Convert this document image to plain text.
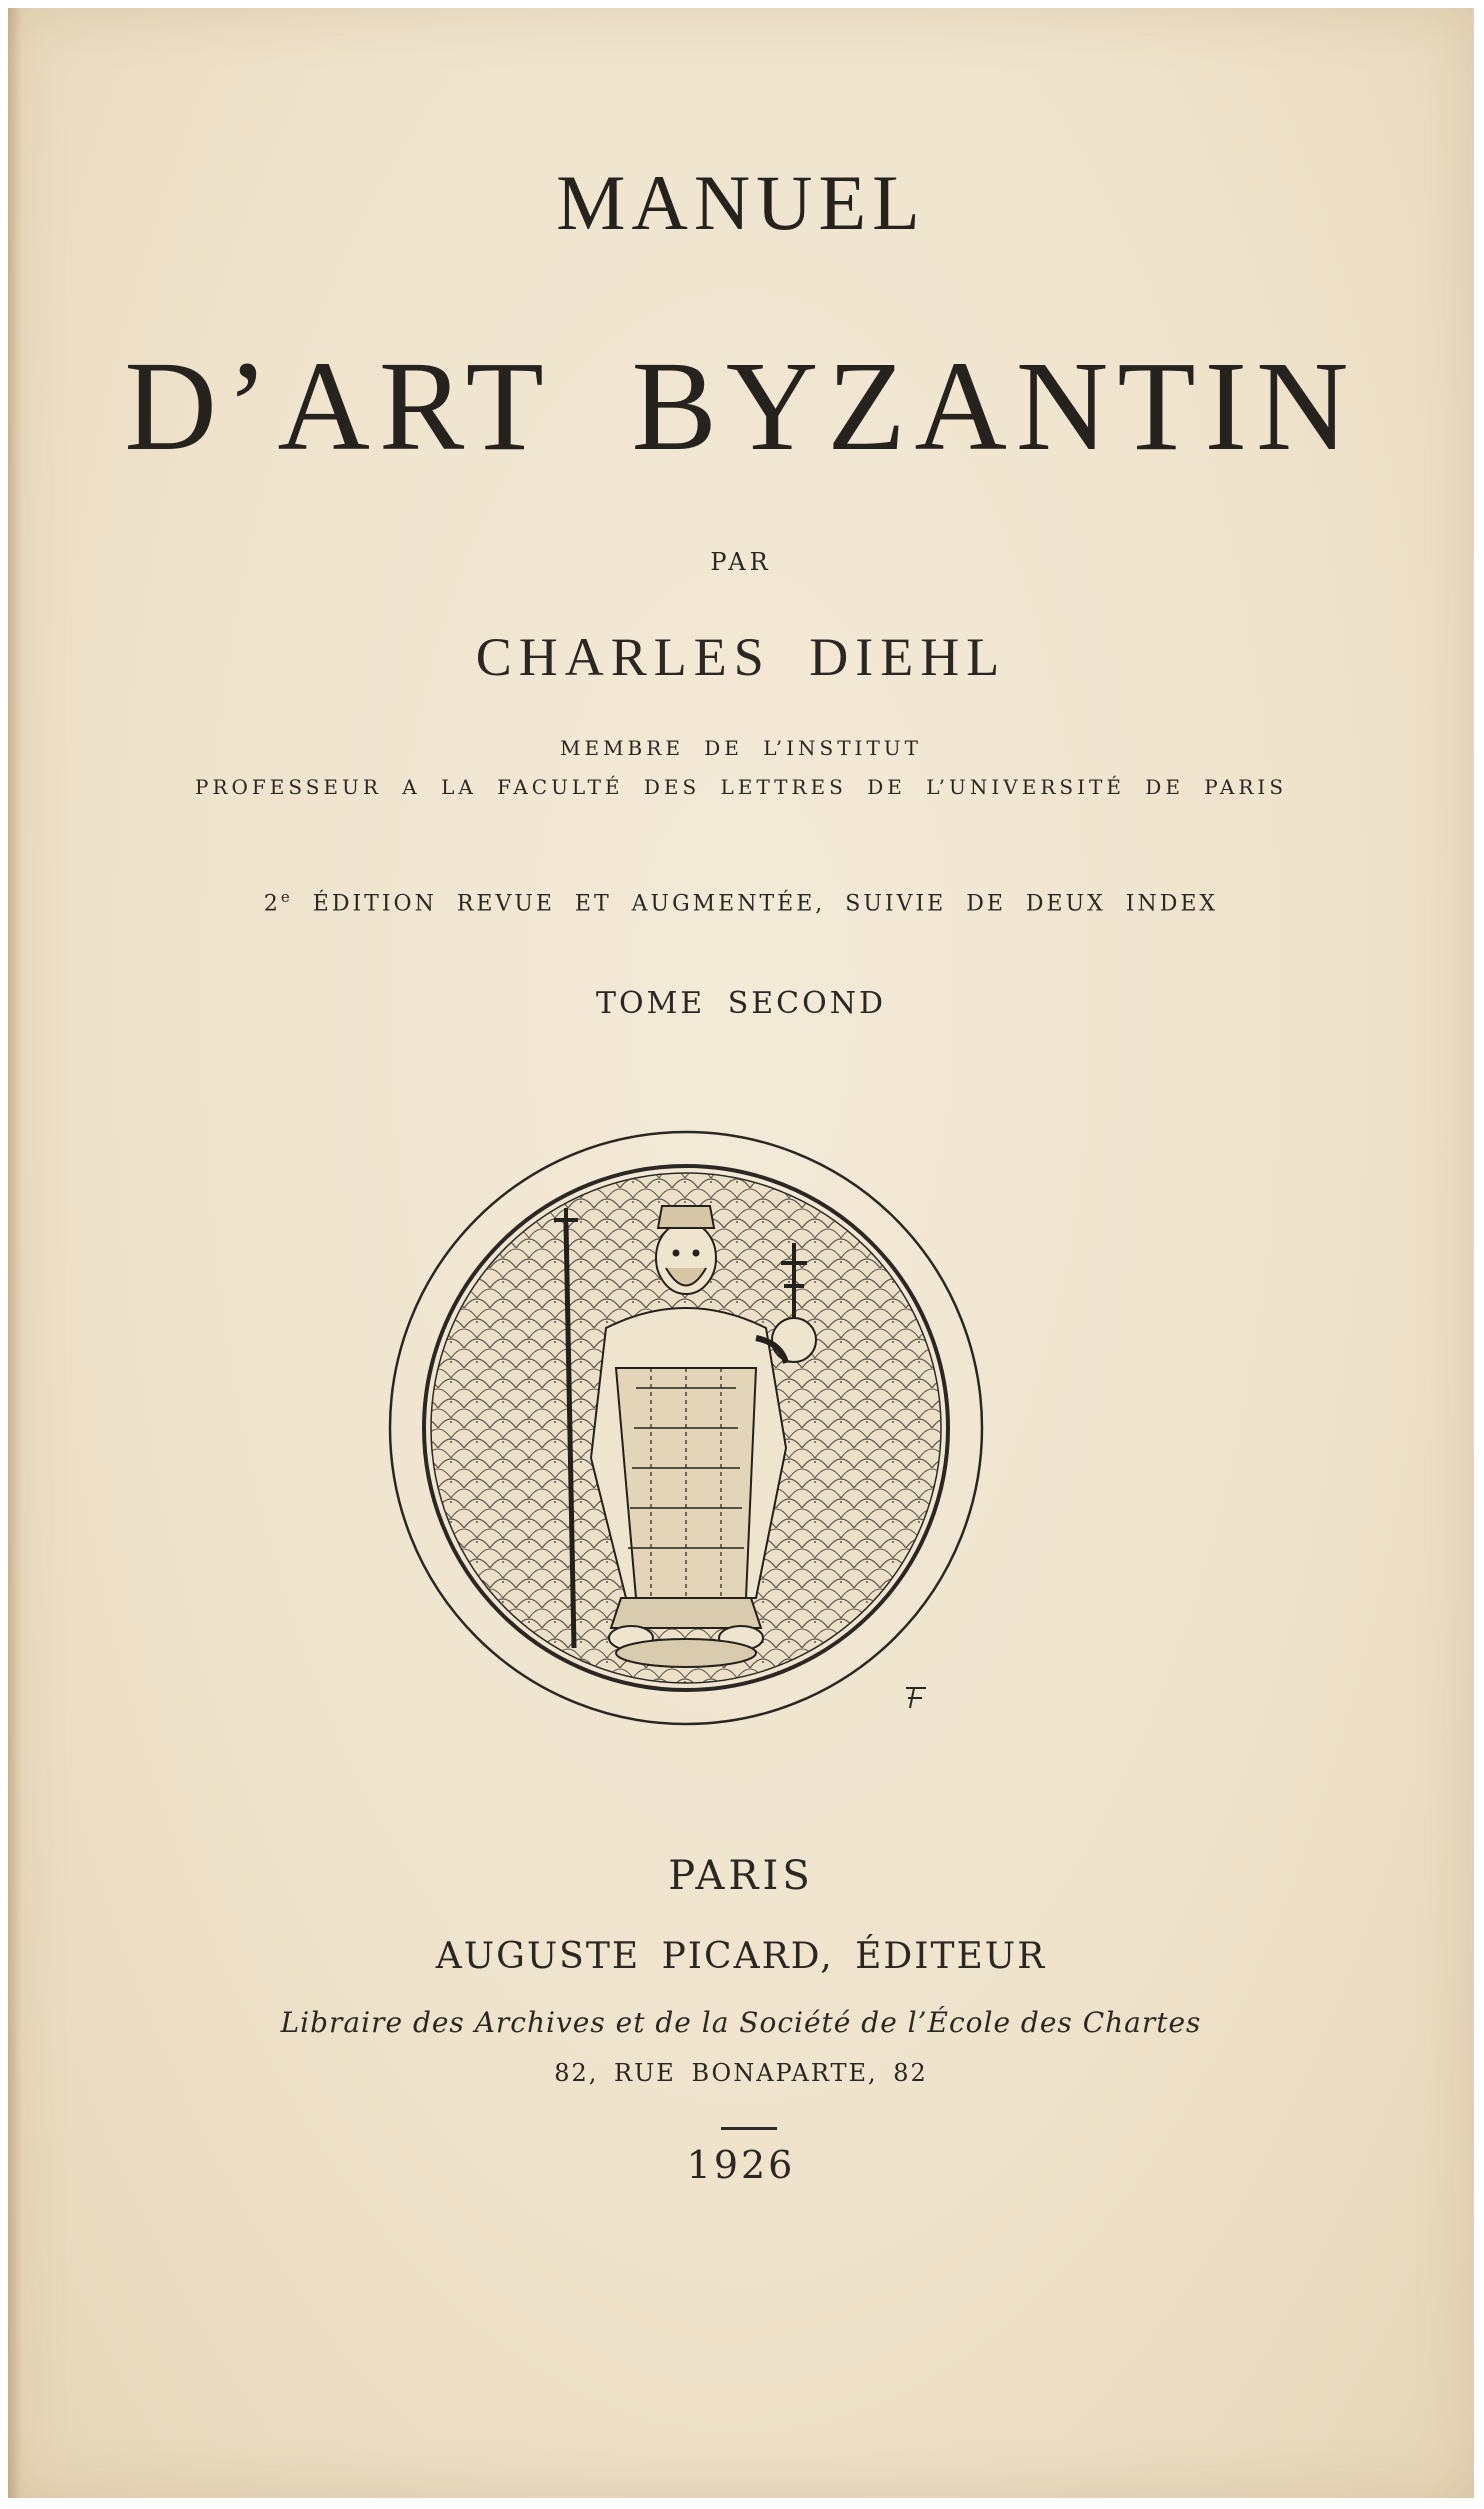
MANUEL
D’ART BYZANTIN
PAR
CHARLES DIEHL
MEMBRE DE L’INSTITUT
PROFESSEUR A LA FACULTÉ DES LETTRES DE L’UNIVERSITÉ DE PARIS
2e ÉDITION REVUE ET AUGMENTÉE, SUIVIE DE DEUX INDEX
TOME SECOND
PARIS
AUGUSTE PICARD, ÉDITEUR
Libraire des Archives et de la Société de l’École des Chartes
82, RUE BONAPARTE, 82
1926
